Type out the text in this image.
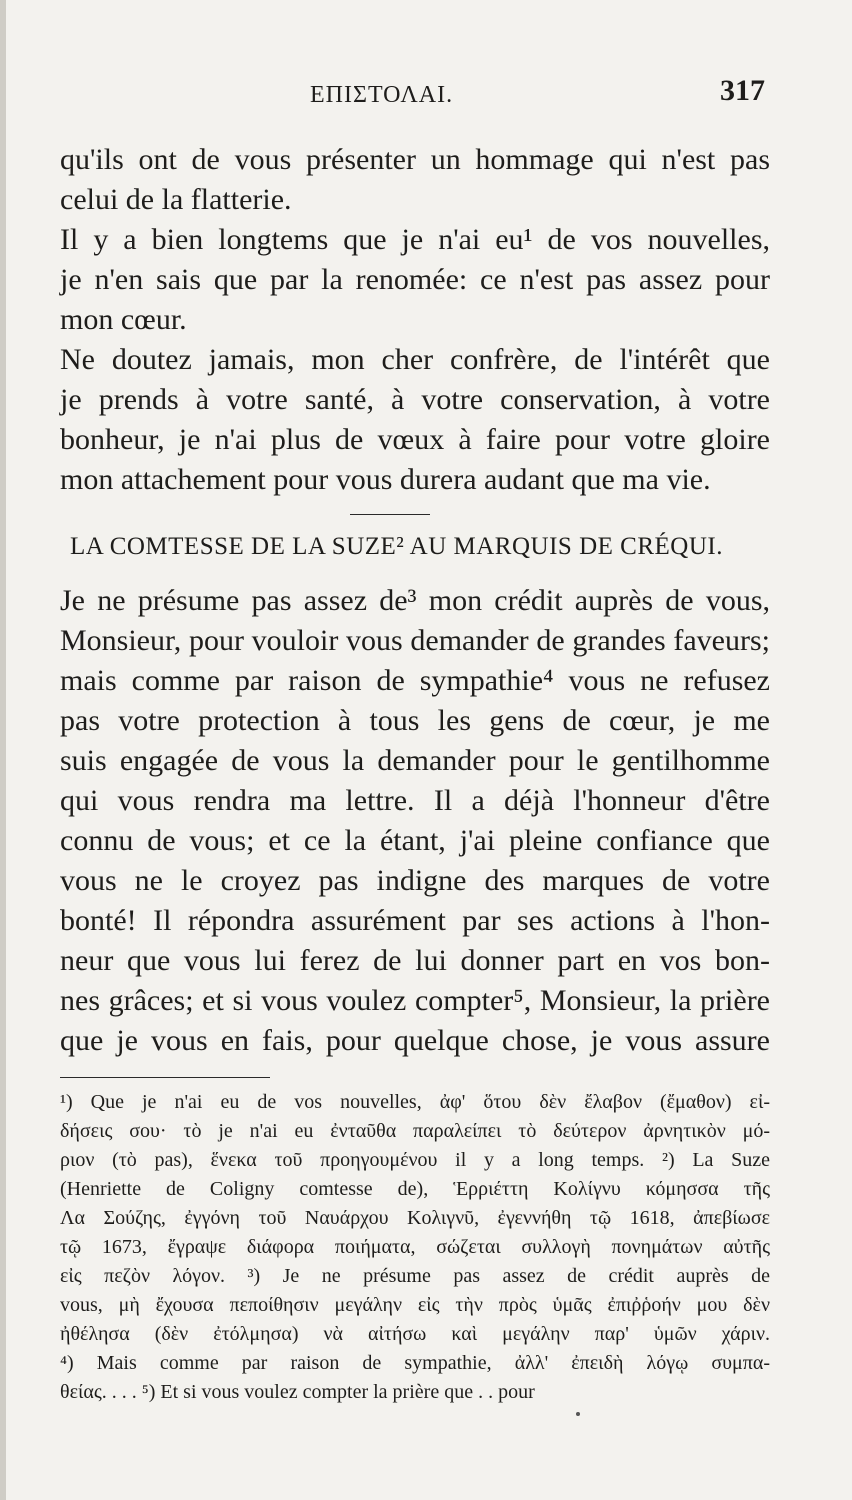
ΕΠΙΣΤΟΛΑΙ.	317
qu'ils ont de vous présenter un hommage qui n'est pas
celui de la flatterie.
Il y a bien longtems que je n'ai eu¹ de vos nouvelles,
je n'en sais que par la renomée: ce n'est pas assez pour
mon cœur.
Ne doutez jamais, mon cher confrère, de l'intérêt que
je prends à votre santé, à votre conservation, à votre
bonheur, je n'ai plus de vœux à faire pour votre gloire
mon attachement pour vous durera audant que ma vie.
LA COMTESSE DE LA SUZE² AU MARQUIS DE CRÉQUI.
Je ne présume pas assez de³ mon crédit auprès de vous,
Monsieur, pour vouloir vous demander de grandes faveurs;
mais comme par raison de sympathie⁴ vous ne refusez
pas votre protection à tous les gens de cœur, je me
suis engagée de vous la demander pour le gentilhomme
qui vous rendra ma lettre. Il a déjà l'honneur d'être
connu de vous; et ce la étant, j'ai pleine confiance que
vous ne le croyez pas indigne des marques de votre
bonté! Il répondra assurément par ses actions à l'hon-
neur que vous lui ferez de lui donner part en vos bon-
nes grâces; et si vous voulez compter⁵, Monsieur, la prière
que je vous en fais, pour quelque chose, je vous assure
¹) Que je n'ai eu de vos nouvelles, ἀφ' ὅτου δὲν ἔλαβον (ἔμαθον) εἰ-
δήσεις σου· τὸ je n'ai eu ἐνταῦθα παραλείπει τὸ δεύτερον ἀρνητικὸν μό-
ριον (τὸ pas), ἕνεκα τοῦ προηγουμένου il y a long temps. ²) La Suze
(Henriette de Coligny comtesse de), Ἑρριέττη Κολίγνυ κόμησσα τῆς
Λα Σούζης, ἐγγόνη τοῦ Ναυάρχου Κολιγνῦ, ἐγεννήθη τῷ 1618, ἀπεβίωσε
τῷ 1673, ἔγραψε διάφορα ποιήματα, σώζεται συλλογὴ πονημάτων αὐτῆς
εἰς πεζὸν λόγον. ³) Je ne présume pas assez de crédit auprès de
vous, μὴ ἔχουσα πεποίθησιν μεγάλην εἰς τὴν πρὸς ὑμᾶς ἐπιῤῥοήν μου δὲν
ἠθέλησα (δὲν ἐτόλμησα) νὰ αἰτήσω καὶ μεγάλην παρ' ὑμῶν χάριν.
⁴) Mais comme par raison de sympathie, ἀλλ' ἐπειδὴ λόγῳ συμπα-
θείας. . . . ⁵) Et si vous voulez compter la prière que . . pour
